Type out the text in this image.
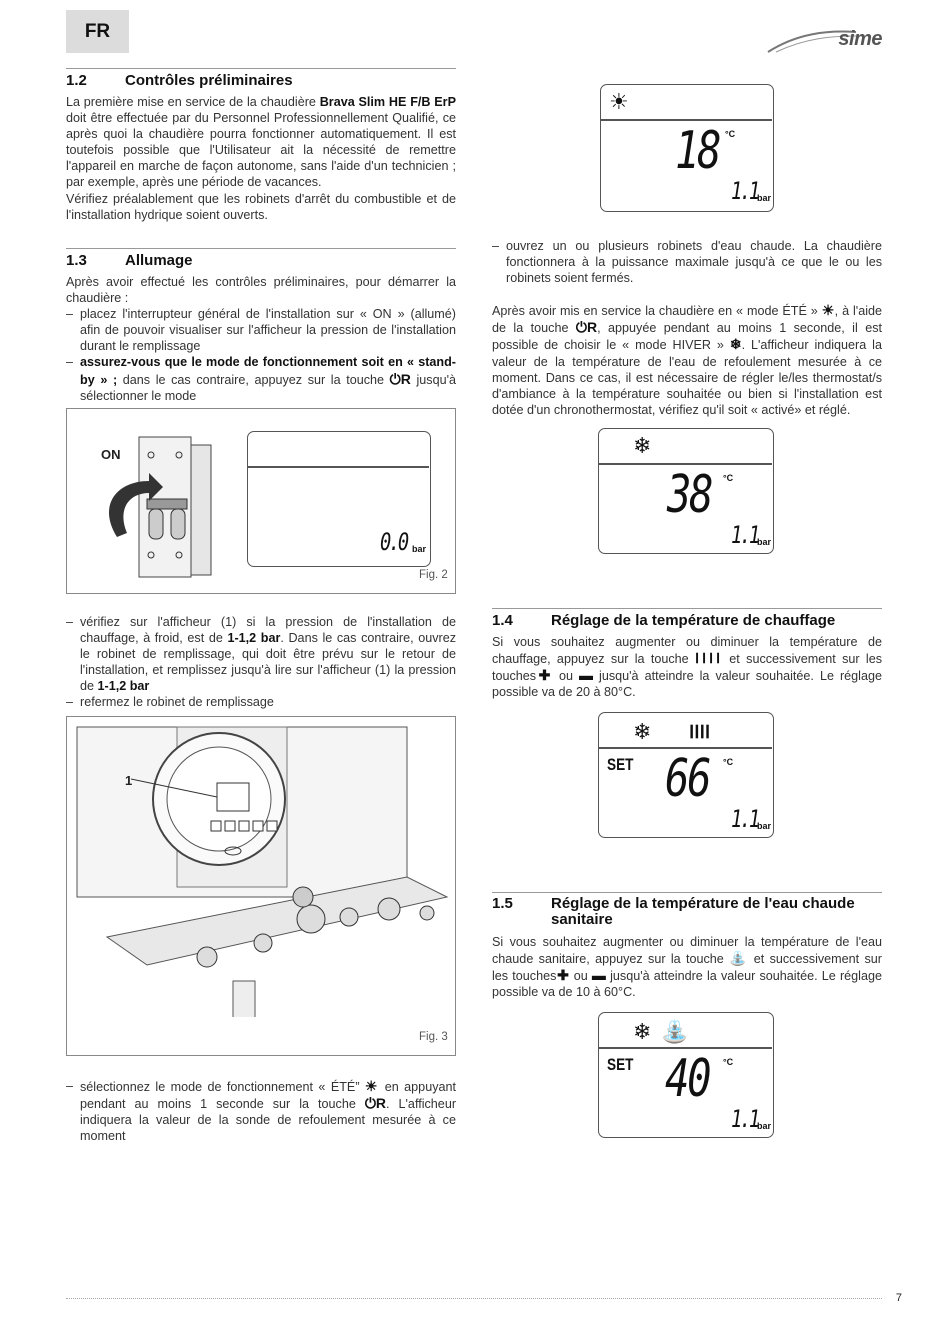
FR	sime
1.2	Contrôles préliminaires
La première mise en service de la chaudière Brava Slim HE F/B ErP doit être effectuée par du Personnel Professionnellement Qualifié, ce après quoi la chaudière pourra fonctionner automatiquement. Il est toutefois possible que l'Utilisateur ait la nécessité de remettre l'appareil en marche de façon autonome, sans l'aide d'un technicien ; par exemple, après une période de vacances.
Vérifiez préalablement que les robinets d'arrêt du combustible et de l'installation hydrique soient ouverts.
1.3	Allumage
Après avoir effectué les contrôles préliminaires, pour démarrer la chaudière :
– placez l'interrupteur général de l'installation sur « ON » (allumé) afin de pouvoir visualiser sur l'afficheur la pression de l'installation durant le remplissage
– assurez-vous que le mode de fonctionnement soit en « stand-by » ; dans le cas contraire, appuyez sur la touche ⏻R jusqu'à sélectionner le mode
ON
0.0 bar
Fig. 2
– vérifiez sur l'afficheur (1) si la pression de l'installation de chauffage, à froid, est de 1-1,2 bar. Dans le cas contraire, ouvrez le robinet de remplissage, qui doit être prévu sur le retour de l'installation, et remplissez jusqu'à lire sur l'afficheur (1) la pression de 1-1,2 bar
– refermez le robinet de remplissage
1
Fig. 3
– sélectionnez le mode de fonctionnement « ÉTÉ” ☀ en appuyant pendant au moins 1 seconde sur la touche ⏻R. L'afficheur indiquera la valeur de la sonde de refoulement mesurée à ce moment
☀
18 °C
1.1 bar
– ouvrez un ou plusieurs robinets d'eau chaude. La chaudière fonctionnera à la puissance maximale jusqu'à ce que le ou les robinets soient fermés.
Après avoir mis en service la chaudière en « mode ÉTÉ » ☀, à l'aide de la touche ⏻R, appuyée pendant au moins 1 seconde, il est possible de choisir le « mode HIVER » ❄. L'afficheur indiquera la valeur de la température de l'eau de refoulement mesurée à ce moment. Dans ce cas, il est nécessaire de régler le/les thermostat/s d'ambiance à la température souhaitée ou bien si l'installation est dotée d'un chronothermostat, vérifiez qu'il soit « activé» et réglé.
❄
38 °C
1.1 bar
1.4	Réglage de la température de chauffage
Si vous souhaitez augmenter ou diminuer la température de chauffage, appuyez sur la touche ⅠⅠⅠⅠ et successivement sur les touches✚ ou ▬ jusqu'à atteindre la valeur souhaitée. Le réglage possible va de 20 à 80°C.
❄ ⅠⅠⅠⅠ
SET 66 °C
1.1 bar
1.5	Réglage de la température de l'eau chaude sanitaire
Si vous souhaitez augmenter ou diminuer la température de l'eau chaude sanitaire, appuyez sur la touche ⛲ et successivement sur les touches✚ ou ▬ jusqu'à atteindre la valeur souhaitée. Le réglage possible va de 10 à 60°C.
❄ ⛲
SET 40 °C
1.1 bar
7
